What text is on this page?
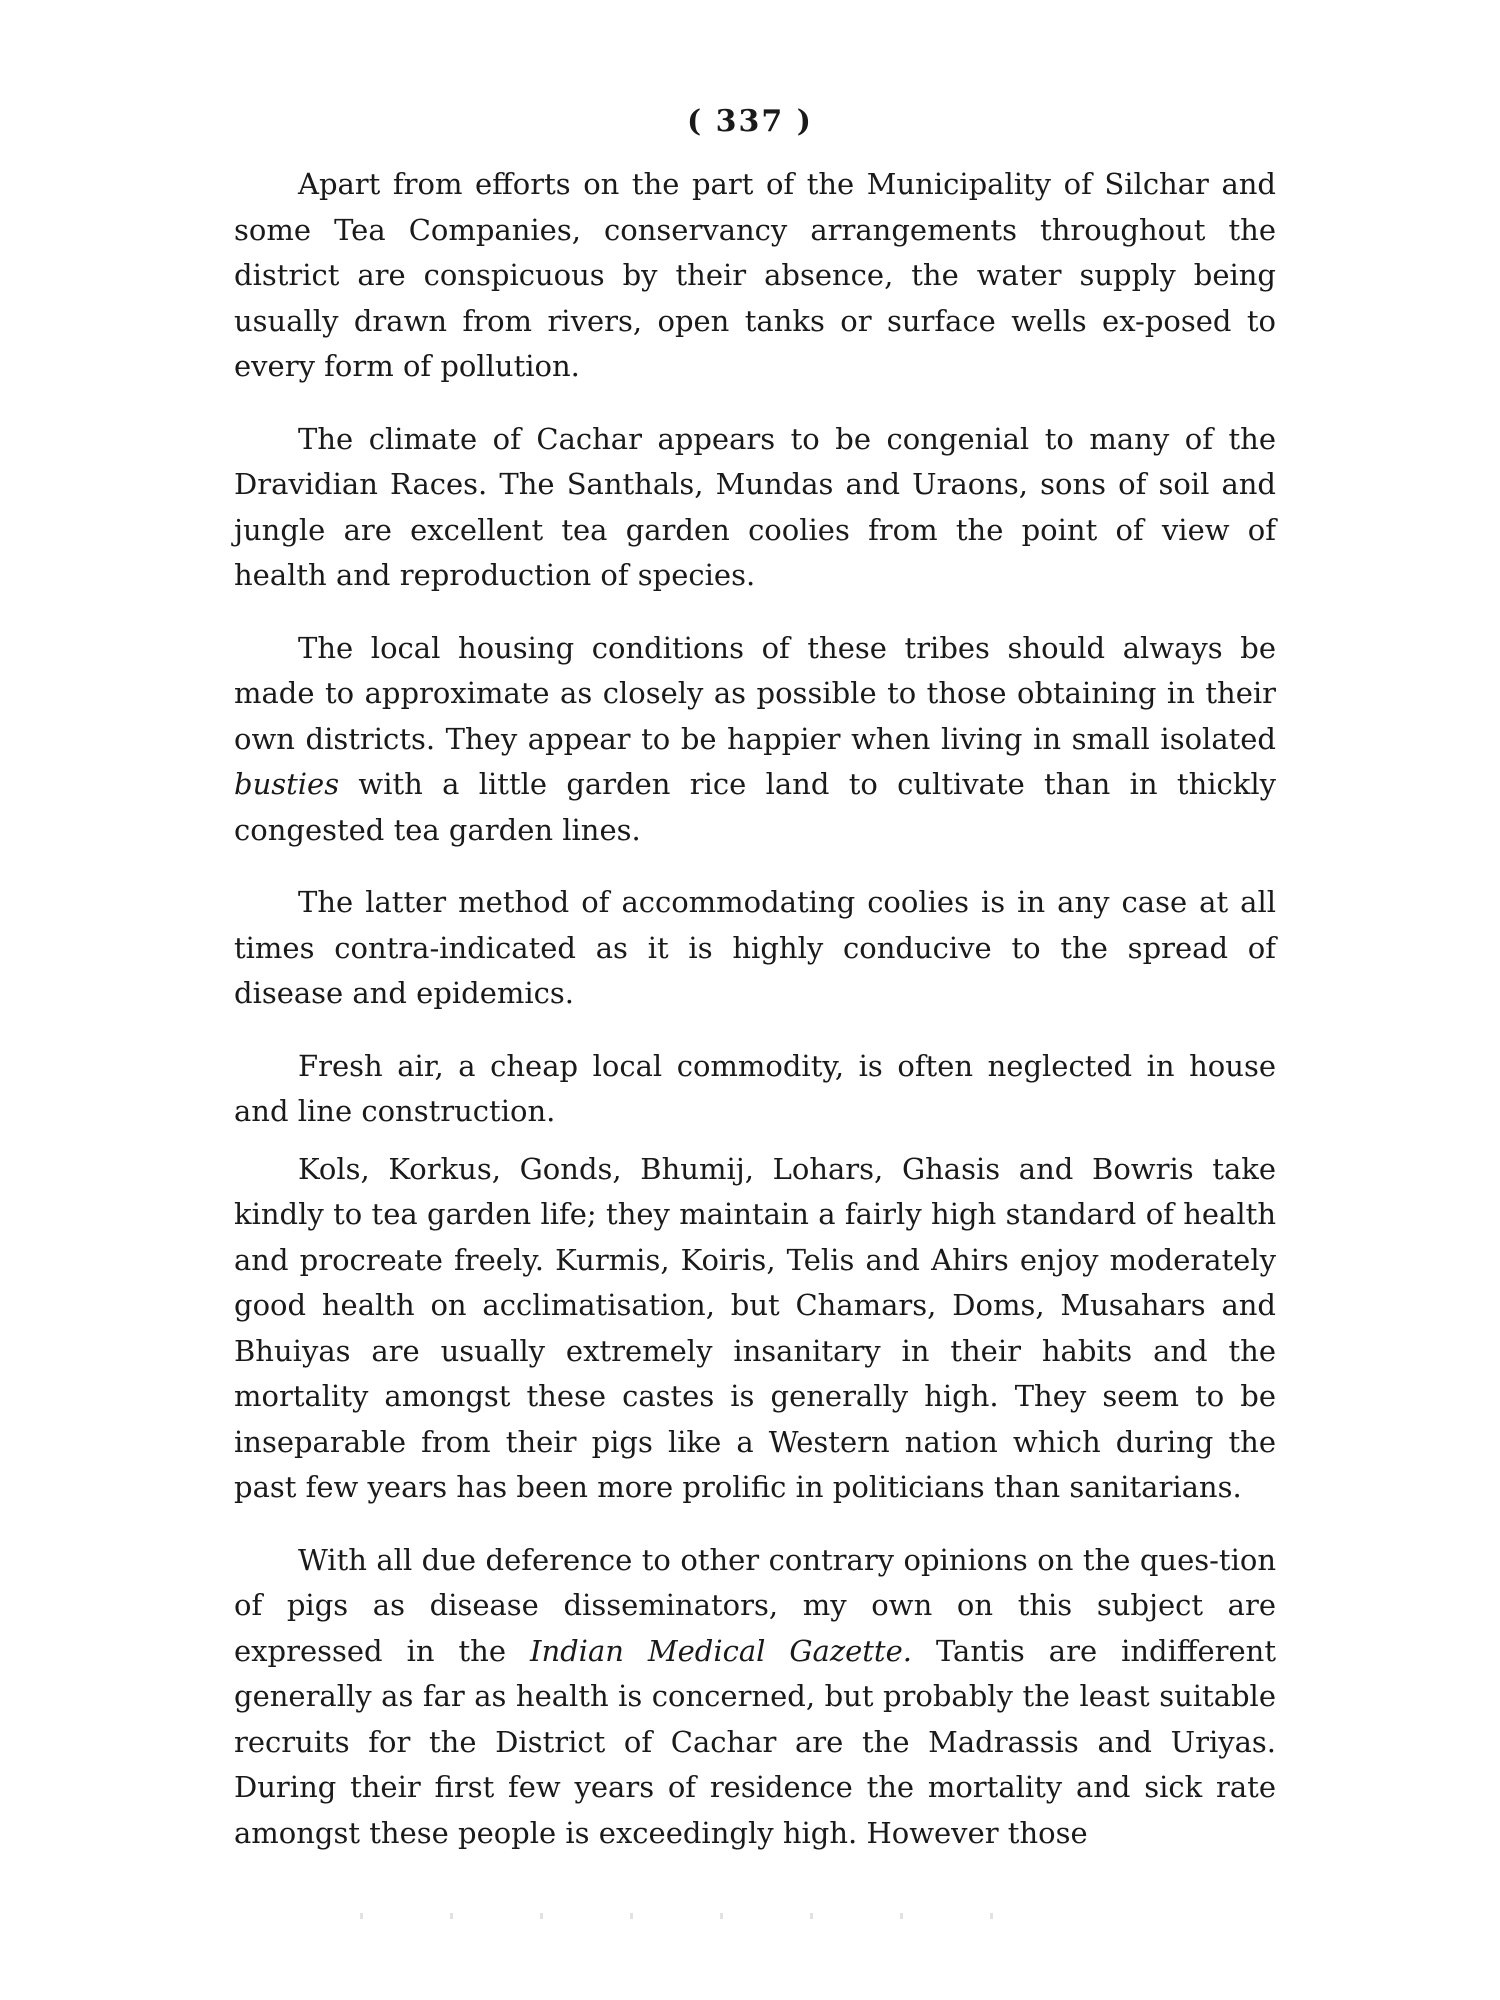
( 337 )

Apart from efforts on the part of the Municipality of Silchar and some Tea Companies, conservancy arrangements throughout the district are conspicuous by their absence, the water supply being usually drawn from rivers, open tanks or surface wells ex-posed to every form of pollution.

The climate of Cachar appears to be congenial to many of the Dravidian Races. The Santhals, Mundas and Uraons, sons of soil and jungle are excellent tea garden coolies from the point of view of health and reproduction of species.

The local housing conditions of these tribes should always be made to approximate as closely as possible to those obtaining in their own districts. They appear to be happier when living in small isolated busties with a little garden rice land to cultivate than in thickly congested tea garden lines.

The latter method of accommodating coolies is in any case at all times contra-indicated as it is highly conducive to the spread of disease and epidemics.

Fresh air, a cheap local commodity, is often neglected in house and line construction.

Kols, Korkus, Gonds, Bhumij, Lohars, Ghasis and Bowris take kindly to tea garden life; they maintain a fairly high standard of health and procreate freely. Kurmis, Koiris, Telis and Ahirs enjoy moderately good health on acclimatisation, but Chamars, Doms, Musahars and Bhuiyas are usually extremely insanitary in their habits and the mortality amongst these castes is generally high. They seem to be inseparable from their pigs like a Western nation which during the past few years has been more prolific in politicians than sanitarians.

With all due deference to other contrary opinions on the ques-tion of pigs as disease disseminators, my own on this subject are expressed in the Indian Medical Gazette. Tantis are indifferent generally as far as health is concerned, but probably the least suitable recruits for the District of Cachar are the Madrassis and Uriyas. During their first few years of residence the mortality and sick rate amongst these people is exceedingly high. However those
